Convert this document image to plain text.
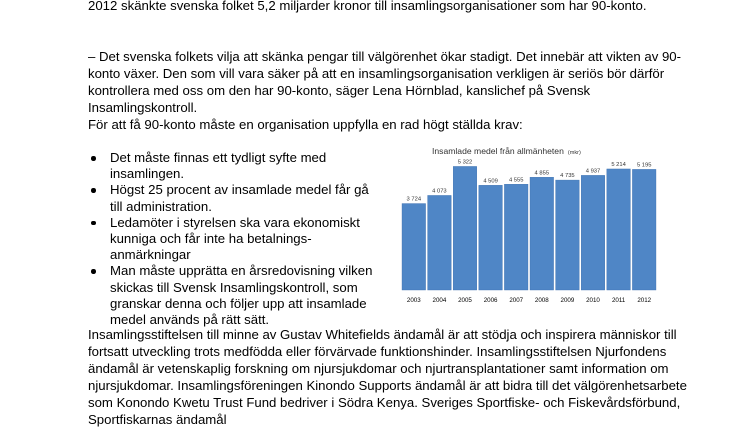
2012 skänkte svenska folket 5,2 miljarder kronor till insamlingsorganisationer som har 90-konto.

– Det svenska folkets vilja att skänka pengar till välgörenhet ökar stadigt. Det innebär att vikten av 90-konto växer. Den som vill vara säker på att en insamlingsorganisation verkligen är seriös bör därför kontrollera med oss om den har 90-konto, säger Lena Hörnblad, kanslichef på Svensk Insamlingskontroll.

För att få 90-konto måste en organisation uppfylla en rad högt ställda krav:

Det måste finnas ett tydligt syfte med insamlingen.
Högst 25 procent av insamlade medel får gå till administration.
Ledamöter i styrelsen ska vara ekonomiskt kunniga och får inte ha betalnings-anmärkningar
Man måste upprätta en årsredovisning vilken skickas till Svensk Insamlingskontroll, som granskar denna och följer upp att insamlade medel används på rätt sätt.
Insamlade medel från allmänheten (mkr)
3 724
4 073
5 322
4 509 4 555
4 855 4 735
4 937
5 214 5 195
2003 2004 2005 2006 2007 2008 2009 2010 2011 2012

Insamlingsstiftelsen till minne av Gustav Whitefields ändamål är att stödja och inspirera människor till fortsatt utveckling trots medfödda eller förvärvade funktionshinder. Insamlingsstiftelsen Njurfondens ändamål är vetenskaplig forskning om njursjukdomar och njurtransplantationer samt information om njursjukdomar. Insamlingsföreningen Kinondo Supports ändamål är att bidra till det välgörenhetsarbete som Konondo Kwetu Trust Fund bedriver i Södra Kenya. Sveriges Sportfiske- och Fiskevårdsförbund, Sportfiskarnas ändamål
